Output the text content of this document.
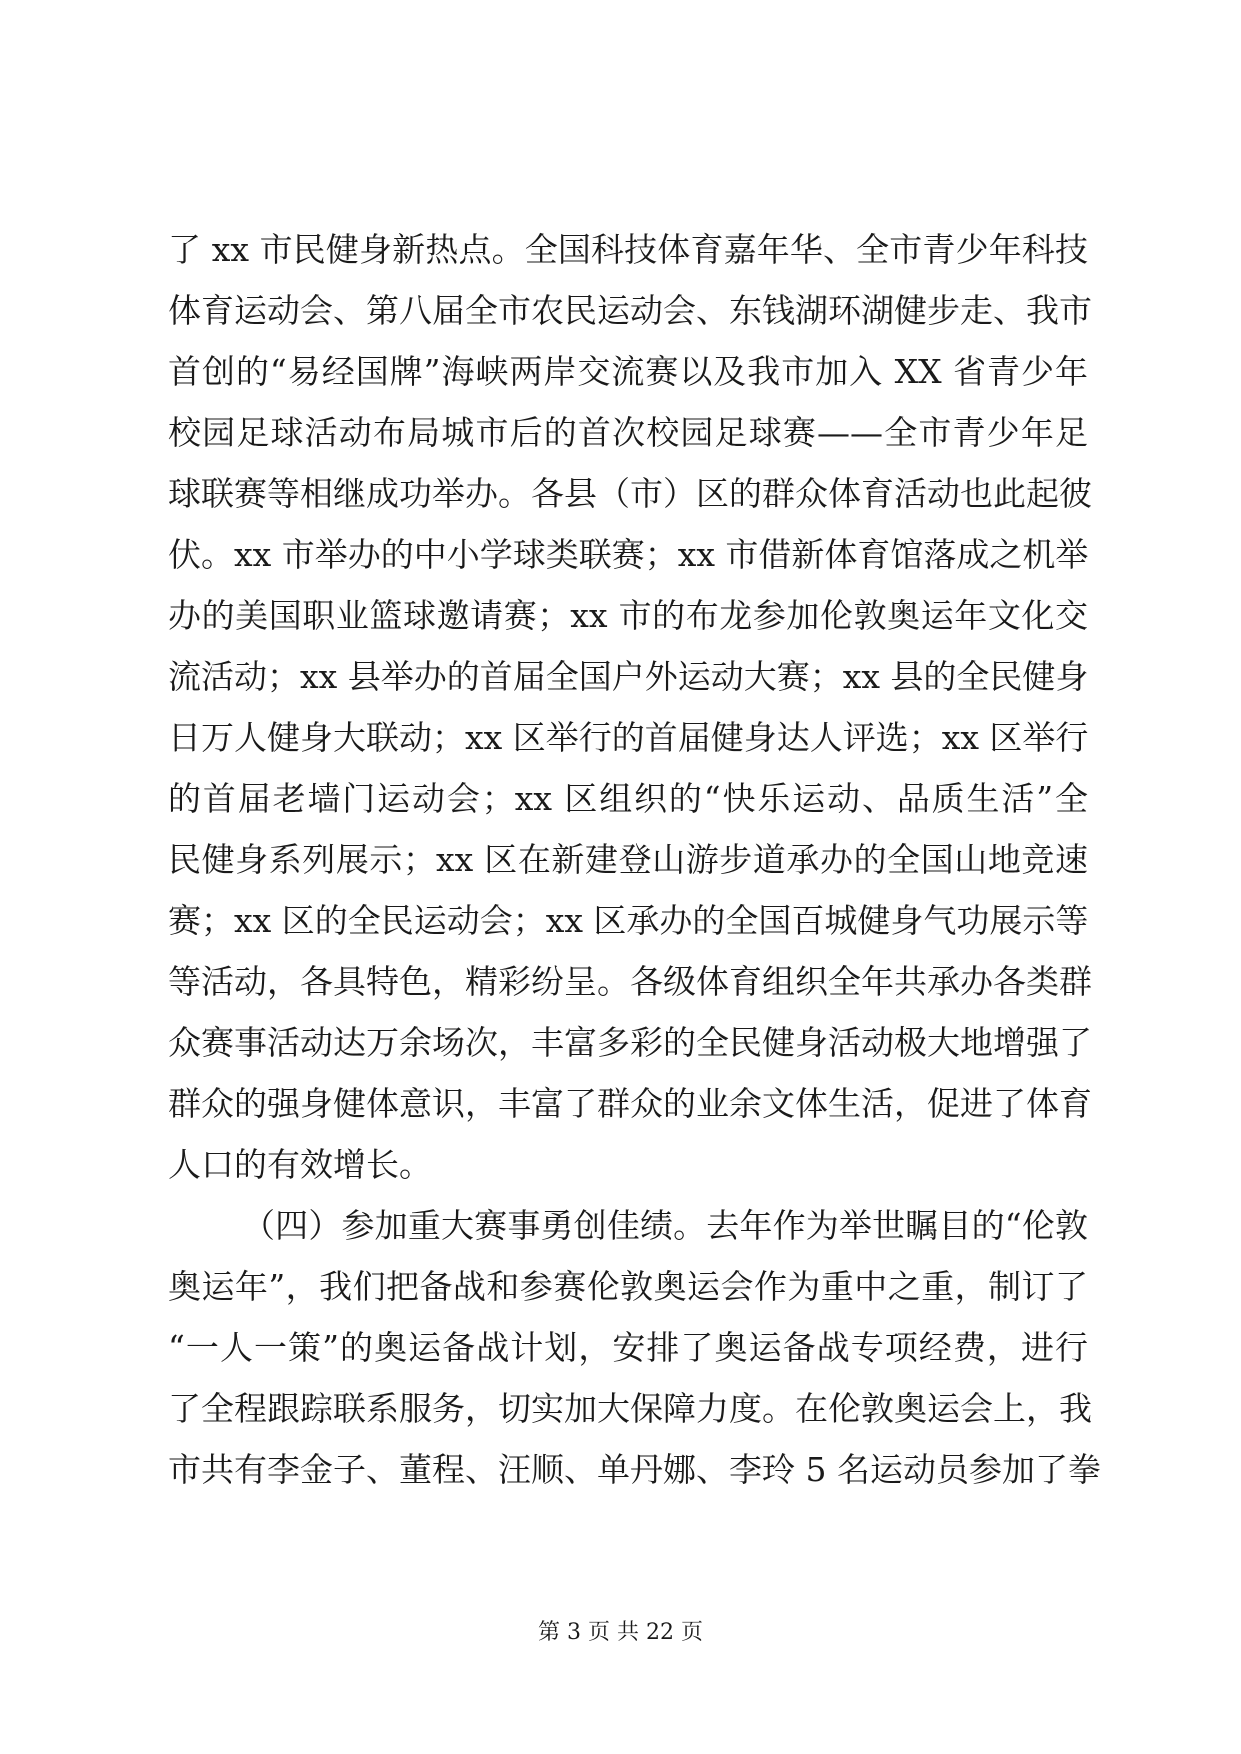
了 xx 市民健身新热点。全国科技体育嘉年华、全市青少年科技
体育运动会、第八届全市农民运动会、东钱湖环湖健步走、我市
首创的“易经国牌”海峡两岸交流赛以及我市加入 XX 省青少年
校园足球活动布局城市后的首次校园足球赛——全市青少年足
球联赛等相继成功举办。各县（市）区的群众体育活动也此起彼
伏。xx 市举办的中小学球类联赛；xx 市借新体育馆落成之机举
办的美国职业篮球邀请赛；xx 市的布龙参加伦敦奥运年文化交
流活动；xx 县举办的首届全国户外运动大赛；xx 县的全民健身
日万人健身大联动；xx 区举行的首届健身达人评选；xx 区举行
的首届老墙门运动会；xx 区组织的“快乐运动、品质生活”全
民健身系列展示；xx 区在新建登山游步道承办的全国山地竞速
赛；xx 区的全民运动会；xx 区承办的全国百城健身气功展示等
等活动，各具特色，精彩纷呈。各级体育组织全年共承办各类群
众赛事活动达万余场次，丰富多彩的全民健身活动极大地增强了
群众的强身健体意识，丰富了群众的业余文体生活，促进了体育
人口的有效增长。
（四）参加重大赛事勇创佳绩。去年作为举世瞩目的“伦敦
奥运年”，我们把备战和参赛伦敦奥运会作为重中之重，制订了
“一人一策”的奥运备战计划，安排了奥运备战专项经费，进行
了全程跟踪联系服务，切实加大保障力度。在伦敦奥运会上，我
市共有李金子、董程、汪顺、单丹娜、李玲 5 名运动员参加了拳
第 3 页 共 22 页
